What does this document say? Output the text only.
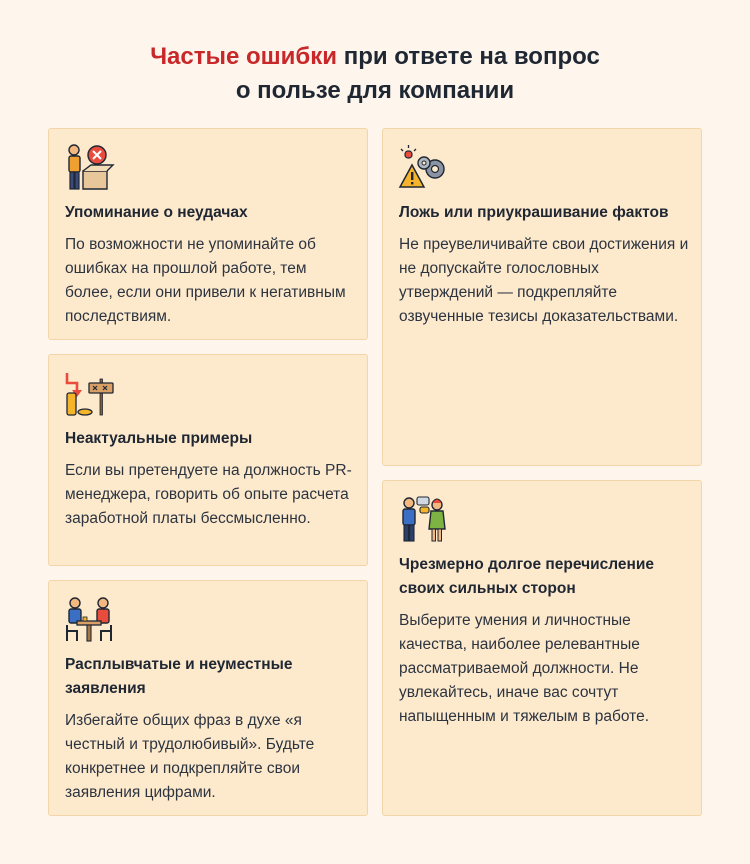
Частые ошибки при ответе на вопрос
о пользе для компании
Упоминание о неудачах

По возможности не упоминайте об ошибках на прошлой работе, тем более, если они привели к негативным последствиям.

Ложь или приукрашивание фактов

Не преувеличивайте свои достижения и не допускайте голословных утверждений — подкрепляйте озвученные тезисы доказательствами.

Неактуальные примеры

Если вы претендуете на должность PR-менеджера, говорить об опыте расчета заработной платы бессмысленно.

Чрезмерно долгое перечисление своих сильных сторон

Выберите умения и личностные качества, наиболее релевантные рассматриваемой должности. Не увлекайтесь, иначе вас сочтут напыщенным и тяжелым в работе.

Расплывчатые и неуместные заявления

Избегайте общих фраз в духе «я честный и трудолюбивый». Будьте конкретнее и подкрепляйте свои заявления цифрами.
